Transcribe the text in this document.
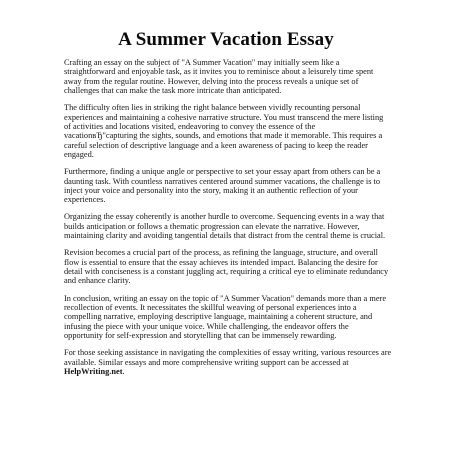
A Summer Vacation Essay

Crafting an essay on the subject of "A Summer Vacation" may initially seem like a
straightforward and enjoyable task, as it invites you to reminisce about a leisurely time spent
away from the regular routine. However, delving into the process reveals a unique set of
challenges that can make the task more intricate than anticipated.

The difficulty often lies in striking the right balance between vividly recounting personal
experiences and maintaining a cohesive narrative structure. You must transcend the mere listing
of activities and locations visited, endeavoring to convey the essence of the
vacationвЂ"capturing the sights, sounds, and emotions that made it memorable. This requires a
careful selection of descriptive language and a keen awareness of pacing to keep the reader
engaged.

Furthermore, finding a unique angle or perspective to set your essay apart from others can be a
daunting task. With countless narratives centered around summer vacations, the challenge is to
inject your voice and personality into the story, making it an authentic reflection of your
experiences.

Organizing the essay coherently is another hurdle to overcome. Sequencing events in a way that
builds anticipation or follows a thematic progression can elevate the narrative. However,
maintaining clarity and avoiding tangential details that distract from the central theme is crucial.

Revision becomes a crucial part of the process, as refining the language, structure, and overall
flow is essential to ensure that the essay achieves its intended impact. Balancing the desire for
detail with conciseness is a constant juggling act, requiring a critical eye to eliminate redundancy
and enhance clarity.

In conclusion, writing an essay on the topic of "A Summer Vacation" demands more than a mere
recollection of events. It necessitates the skillful weaving of personal experiences into a
compelling narrative, employing descriptive language, maintaining a coherent structure, and
infusing the piece with your unique voice. While challenging, the endeavor offers the
opportunity for self-expression and storytelling that can be immensely rewarding.

For those seeking assistance in navigating the complexities of essay writing, various resources are
available. Similar essays and more comprehensive writing support can be accessed at
HelpWriting.net.
